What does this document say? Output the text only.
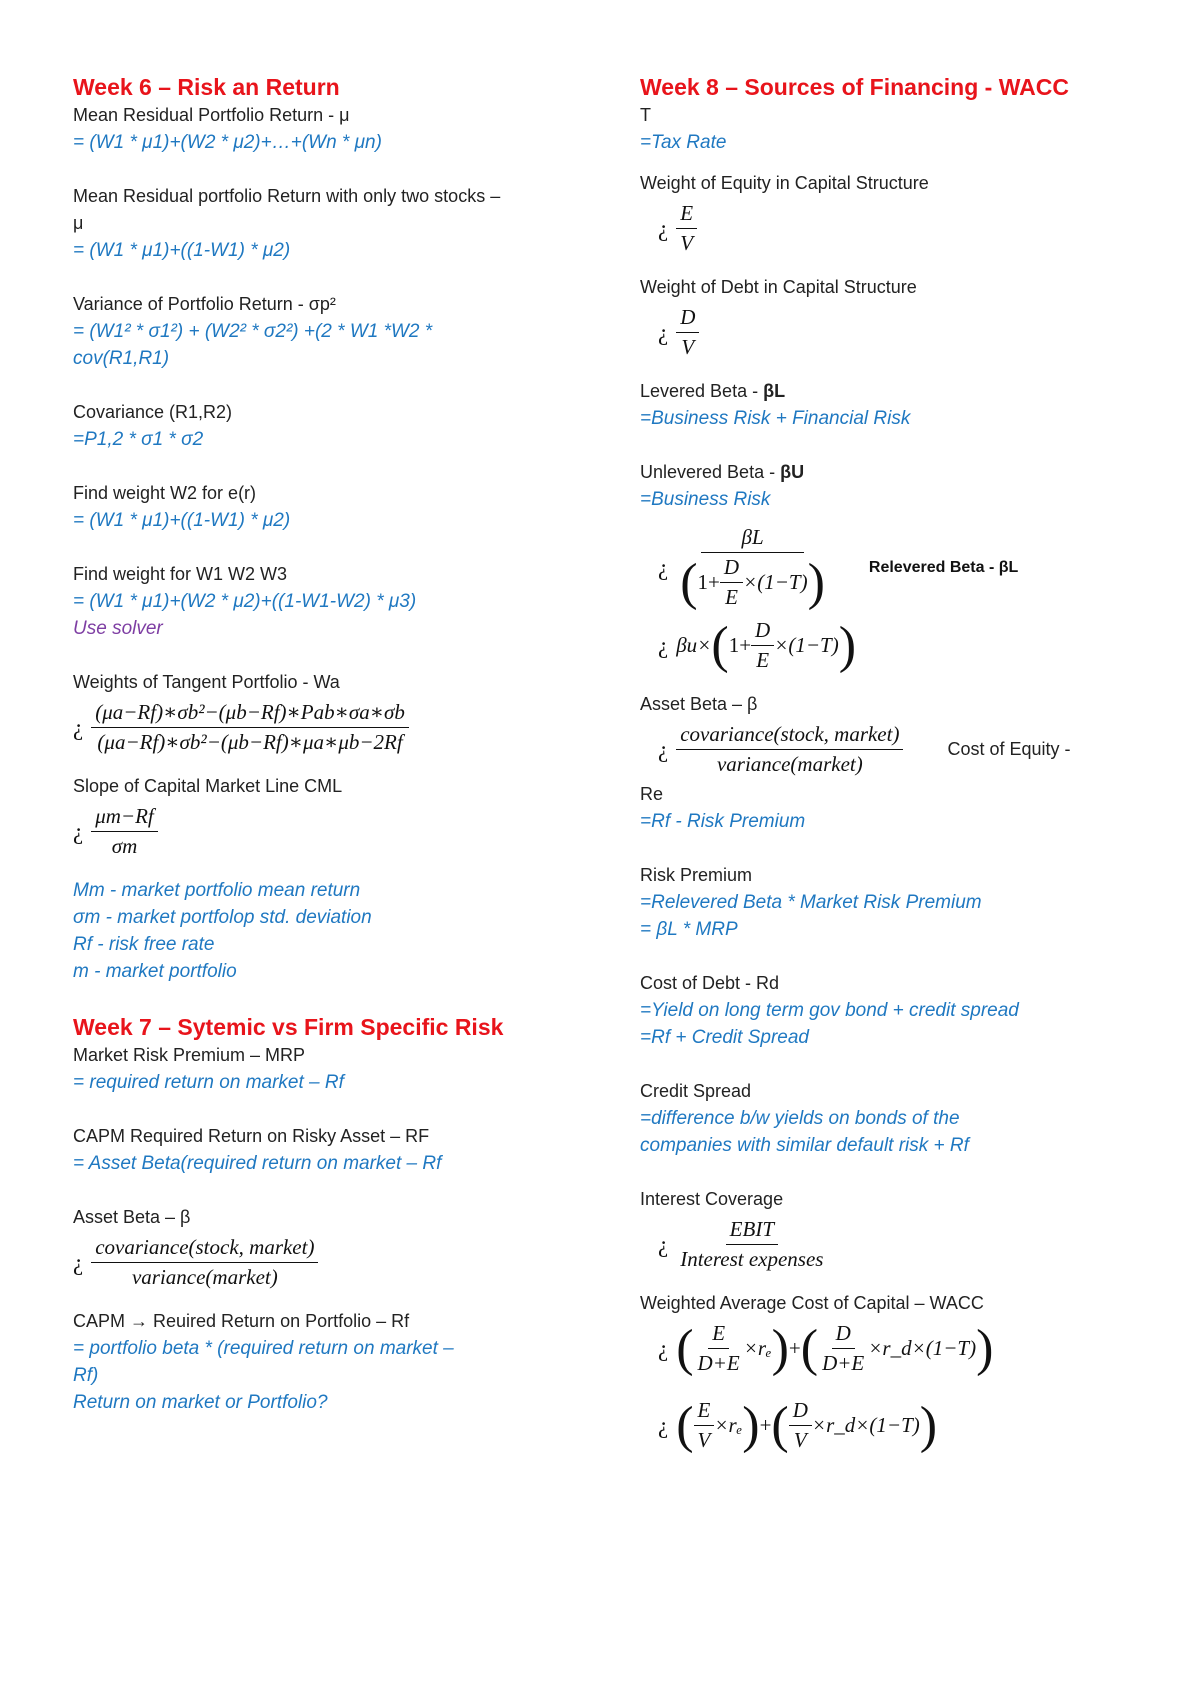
Week 6 – Risk an Return

Mean Residual Portfolio Return - μ

= (W1 * μ1)+(W2 * μ2)+…+(Wn * μn)

Mean Residual portfolio Return with only two stocks –

μ

= (W1 * μ1)+((1-W1) * μ2)

Variance of Portfolio Return - σp²

= (W1² * σ1²) + (W2² * σ2²) +(2 * W1 *W2 *

cov(R1,R1)

Covariance (R1,R2)

=P1,2 * σ1 * σ2

Find weight W2 for e(r)

= (W1 * μ1)+((1-W1) * μ2)

Find weight for W1 W2 W3

= (W1 * μ1)+(W2 * μ2)+((1-W1-W2) * μ3)

Use solver

Weights of Tangent Portfolio - Wa

¿ $\frac{\text{(μa−Rf)∗σb²−(μb−Rf)∗Pab∗σa∗σb}}{\text{(μa−Rf)∗σb²−(μb−Rf)∗μa∗μb−2Rf}}$

Slope of Capital Market Line CML

¿ $\frac{\mu m-Rf}{\sigma m}$

Mm - market portfolio mean return

σm - market portfolop std. deviation

Rf - risk free rate

m - market portfolio

Week 7 – Sytemic vs Firm Specific Risk

Market Risk Premium – MRP

= required return on market – Rf

CAPM Required Return on Risky Asset – RF

= Asset Beta(required return on market – Rf

Asset Beta – β

¿ $\frac{\text{covariance(stock, market)}}{\text{variance(market)}}$

CAPM → Reuired Return on Portfolio – Rf

= portfolio beta * (required return on market –

Rf)

Return on market or Portfolio?

Week 8 – Sources of Financing - WACC

T

=Tax Rate

Weight of Equity in Capital Structure

¿ $\frac{E}{V}$

Weight of Debt in Capital Structure

¿ $\frac{D}{V}$

Levered Beta - βL

=Business Risk + Financial Risk

Unlevered Beta - βU

=Business Risk

¿
βL
( $1+ \frac{D}{E} \times(1-T)$ )	Relevered Beta - βL
¿ βu× ( $1+ \frac{D}{E} \times(1-T)$ )

Asset Beta – β

¿ $\frac{\text{covariance(stock, market)}}{\text{variance(market)}}$ Cost of Equity -

Re

=Rf - Risk Premium

Risk Premium

=Relevered Beta * Market Risk Premium

= βL * MRP

Cost of Debt - Rd

=Yield on long term gov bond + credit spread

=Rf + Credit Spread

Credit Spread

=difference b/w yields on bonds of the

companies with similar default risk + Rf

Interest Coverage

¿ $\frac{\text{EBIT}}{\text{Interest expenses}}$

Weighted Average Cost of Capital – WACC

¿ ( $\frac{E}{D+E} \times r_e$ ) + ( $\frac{D}{D+E}$ ×r_d×(1−T) )
¿ ( $\frac{E}{V} \times r_e$ ) + ( $\frac{D}{V}$ ×r_d×(1−T) )
